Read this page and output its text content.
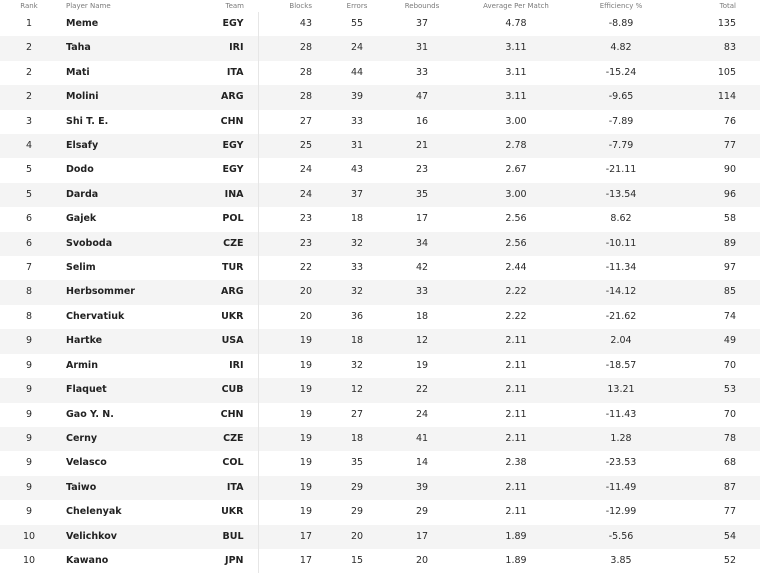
Rank	Player Name	Team	Blocks	Errors	Rebounds	Average Per Match	Efficiency %	Total
1	Meme	EGY	43	55	37	4.78	-8.89	135
2	Taha	IRI	28	24	31	3.11	4.82	83
2	Mati	ITA	28	44	33	3.11	-15.24	105
2	Molini	ARG	28	39	47	3.11	-9.65	114
3	Shi T. E.	CHN	27	33	16	3.00	-7.89	76
4	Elsafy	EGY	25	31	21	2.78	-7.79	77
5	Dodo	EGY	24	43	23	2.67	-21.11	90
5	Darda	INA	24	37	35	3.00	-13.54	96
6	Gajek	POL	23	18	17	2.56	8.62	58
6	Svoboda	CZE	23	32	34	2.56	-10.11	89
7	Selim	TUR	22	33	42	2.44	-11.34	97
8	Herbsommer	ARG	20	32	33	2.22	-14.12	85
8	Chervatiuk	UKR	20	36	18	2.22	-21.62	74
9	Hartke	USA	19	18	12	2.11	2.04	49
9	Armin	IRI	19	32	19	2.11	-18.57	70
9	Flaquet	CUB	19	12	22	2.11	13.21	53
9	Gao Y. N.	CHN	19	27	24	2.11	-11.43	70
9	Cerny	CZE	19	18	41	2.11	1.28	78
9	Velasco	COL	19	35	14	2.38	-23.53	68
9	Taiwo	ITA	19	29	39	2.11	-11.49	87
9	Chelenyak	UKR	19	29	29	2.11	-12.99	77
10	Velichkov	BUL	17	20	17	1.89	-5.56	54
10	Kawano	JPN	17	15	20	1.89	3.85	52
